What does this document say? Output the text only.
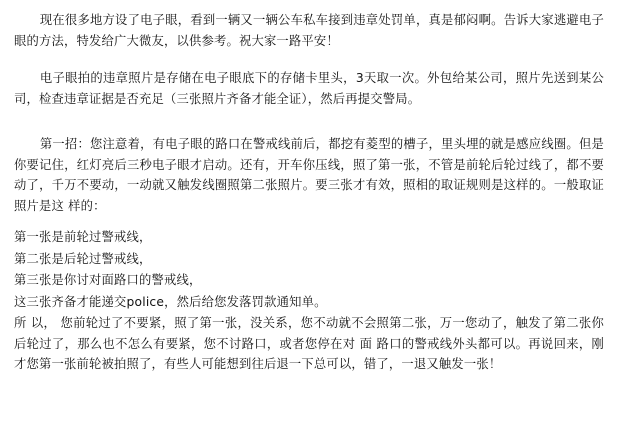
现在很多地方设了电子眼，看到一辆又一辆公车私车接到违章处罚单，真是郁闷啊。告诉大家逃避电子眼的方法，特发给广大微友，以供参考。祝大家一路平安！

电子眼拍的违章照片是存储在电子眼底下的存储卡里头，3天取一次。外包给某公司，照片先送到某公司，检查违章证据是否充足（三张照片齐备才能全证），然后再提交警局。

第一招：您注意着，有电子眼的路口在警戒线前后，都挖有菱型的槽子，里头埋的就是感应线圈。但是你要记住，红灯亮后三秒电子眼才启动。还有，开车你压线，照了第一张，不管是前轮后轮过线了，都不要动了，千万不要动，一动就又触发线圈照第二张照片。要三张才有效，照相的取证规则是这样的。一般取证照片是这 样的：

第一张是前轮过警戒线，

第二张是后轮过警戒线，

第三张是你讨对面路口的警戒线，

这三张齐备才能递交police，然后给您发落罚款通知单。

所 以， 您前轮过了不要紧，照了第一张，没关系，您不动就不会照第二张，万一您动了，触发了第二张你后轮过了，那么也不怎么有要紧，您不讨路口，或者您停在对 面 路口的警戒线外头都可以。再说回来，刚才您第一张前轮被拍照了，有些人可能想到往后退一下总可以，错了，一退又触发一张！
